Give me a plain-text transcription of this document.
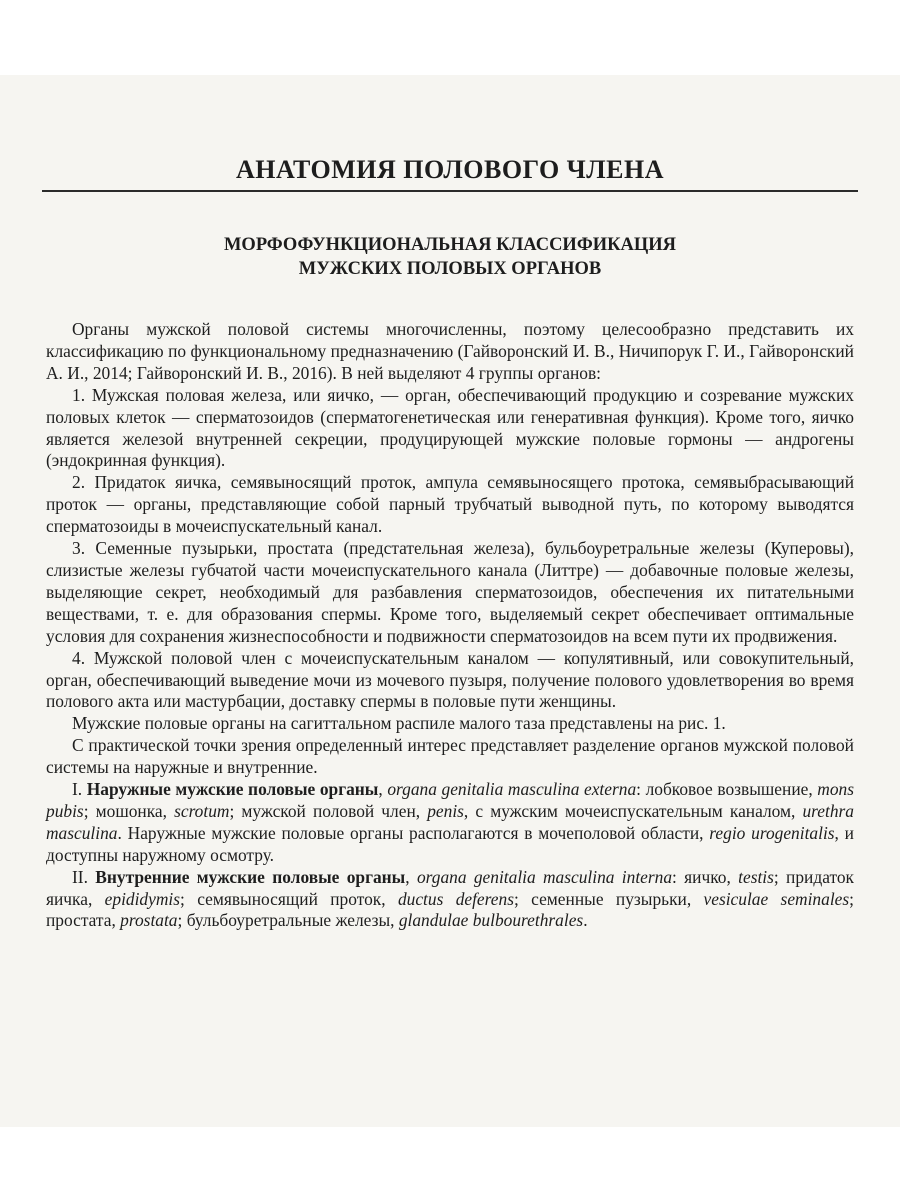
АНАТОМИЯ ПОЛОВОГО ЧЛЕНА
МОРФОФУНКЦИОНАЛЬНАЯ КЛАССИФИКАЦИЯ
МУЖСКИХ ПОЛОВЫХ ОРГАНОВ

Органы мужской половой системы многочисленны, поэтому целесообразно представить их классификацию по функциональному предназначению (Гайворонский И. В., Ничипорук Г. И., Гайворонский А. И., 2014; Гайворонский И. В., 2016). В ней выделяют 4 группы органов:

1. Мужская половая железа, или яичко, — орган, обеспечивающий продукцию и созревание мужских половых клеток — сперматозоидов (сперматогенетическая или генеративная функция). Кроме того, яичко является железой внутренней секреции, продуцирующей мужские половые гормоны — андрогены (эндокринная функция).

2. Придаток яичка, семявыносящий проток, ампула семявыносящего протока, семявыбрасывающий проток — органы, представляющие собой парный трубчатый выводной путь, по которому выводятся сперматозоиды в мочеиспускательный канал.

3. Семенные пузырьки, простата (предстательная железа), бульбоуретральные железы (Куперовы), слизистые железы губчатой части мочеиспускательного канала (Литтре) — добавочные половые железы, выделяющие секрет, необходимый для разбавления сперматозоидов, обеспечения их питательными веществами, т. е. для образования спермы. Кроме того, выделяемый секрет обеспечивает оптимальные условия для сохранения жизнеспособности и подвижности сперматозоидов на всем пути их продвижения.

4. Мужской половой член с мочеиспускательным каналом — копулятивный, или совокупительный, орган, обеспечивающий выведение мочи из мочевого пузыря, получение полового удовлетворения во время полового акта или мастурбации, доставку спермы в половые пути женщины.

Мужские половые органы на сагиттальном распиле малого таза представлены на рис. 1.

С практической точки зрения определенный интерес представляет разделение органов мужской половой системы на наружные и внутренние.

I. Наружные мужские половые органы, organa genitalia masculina externa: лобковое возвышение, mons pubis; мошонка, scrotum; мужской половой член, penis, с мужским мочеиспускательным каналом, urethra masculina. Наружные мужские половые органы располагаются в мочеполовой области, regio urogenitalis, и доступны наружному осмотру.

II. Внутренние мужские половые органы, organa genitalia masculina interna: яичко, testis; придаток яичка, epididymis; семявыносящий проток, ductus deferens; семенные пузырьки, vesiculae seminales; простата, prostata; бульбоуретральные железы, glandulae bulbourethrales.
